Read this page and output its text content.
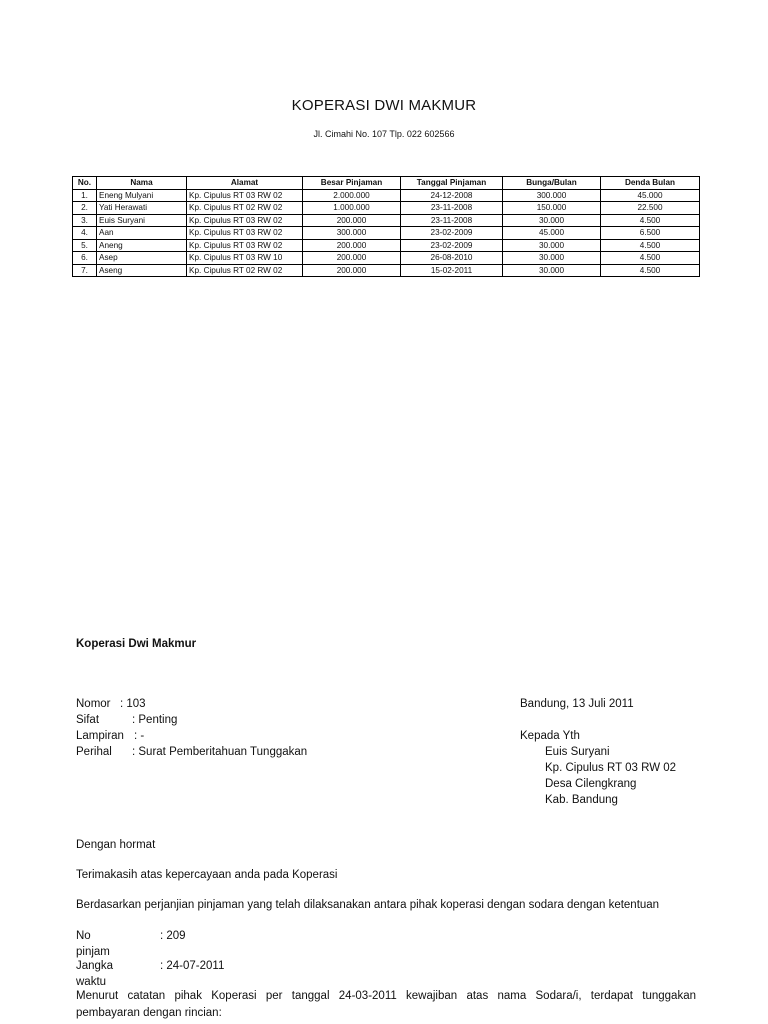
KOPERASI DWI MAKMUR
Jl. Cimahi No. 107 Tlp. 022 602566
No.	Nama	Alamat	Besar Pinjaman	Tanggal Pinjaman	Bunga/Bulan	Denda Bulan
1.	Eneng Mulyani	Kp. Cipulus RT 03 RW 02	2.000.000	24-12-2008	300.000	45.000
2.	Yati Herawati	Kp. Cipulus RT 02 RW 02	1.000.000	23-11-2008	150.000	22.500
3.	Euis Suryani	Kp. Cipulus RT 03 RW 02	200.000	23-11-2008	30.000	4.500
4.	Aan	Kp. Cipulus RT 03 RW 02	300.000	23-02-2009	45.000	6.500
5.	Aneng	Kp. Cipulus RT 03 RW 02	200.000	23-02-2009	30.000	4.500
6.	Asep	Kp. Cipulus RT 03 RW 10	200.000	26-08-2010	30.000	4.500
7.	Aseng	Kp. Cipulus RT 02 RW 02	200.000	15-02-2011	30.000	4.500
Koperasi Dwi Makmur
Nomor : 103
Sifat	: Penting
Lampiran : -
Perihal : Surat Pemberitahuan Tunggakan
Bandung, 13 Juli 2011
Kepada Yth
Euis Suryani
Kp. Cipulus RT 03 RW 02
Desa Cilengkrang
Kab. Bandung
Dengan hormat
Terimakasih atas kepercayaan anda pada Koperasi
Berdasarkan perjanjian pinjaman yang telah dilaksanakan antara pihak koperasi dengan sodara dengan ketentuan
No pinjam
: 209
Jangka waktu
: 24-07-2011
Menurut catatan pihak Koperasi per tanggal 24-03-2011 kewajiban atas nama Sodara/i, terdapat tunggakan
pembayaran dengan rincian:
